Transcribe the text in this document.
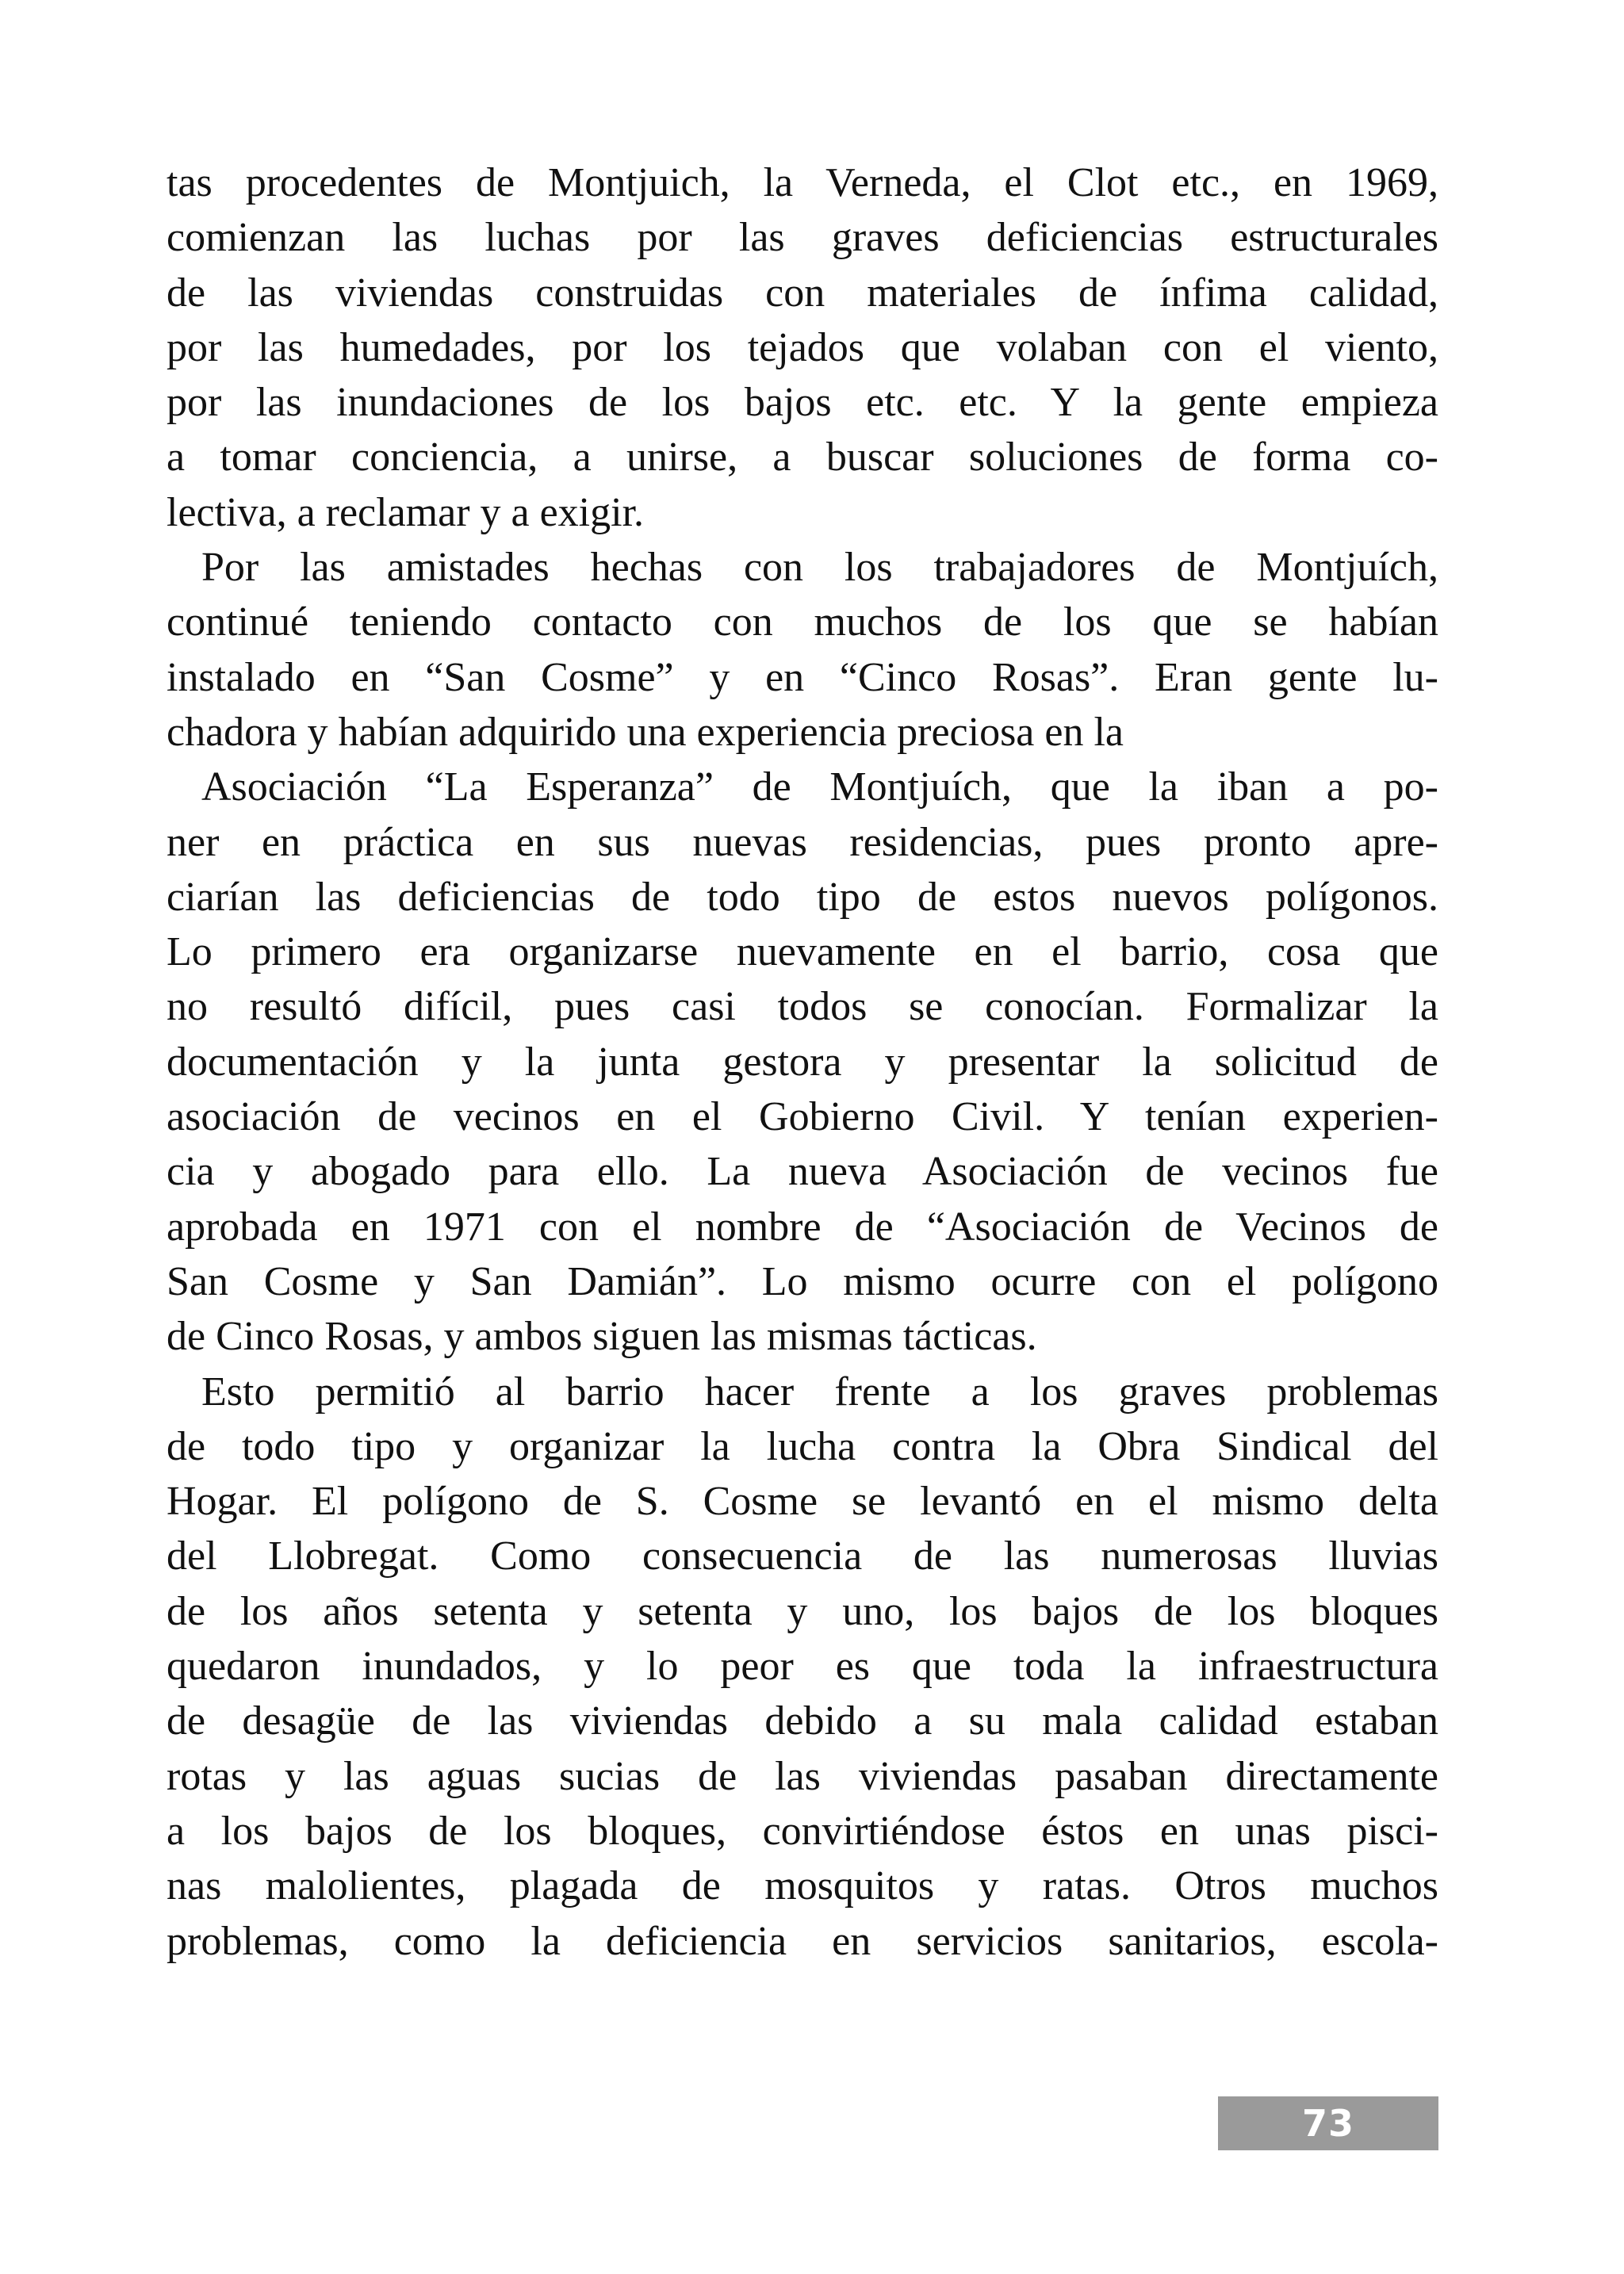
tas procedentes de Montjuich, la Verneda, el Clot etc., en 1969,
comienzan las luchas por las graves deficiencias estructurales
de las viviendas construidas con materiales de ínfima calidad,
por las humedades, por los tejados que volaban con el viento,
por las inundaciones de los bajos etc. etc. Y la gente empieza
a tomar conciencia, a unirse, a buscar soluciones de forma co-
lectiva, a reclamar y a exigir.
Por las amistades hechas con los trabajadores de Montjuích,
continué teniendo contacto con muchos de los que se habían
instalado en “San Cosme” y en “Cinco Rosas”. Eran gente lu-
chadora y habían adquirido una experiencia preciosa en la
Asociación “La Esperanza” de Montjuích, que la iban a po-
ner en práctica en sus nuevas residencias, pues pronto apre-
ciarían las deficiencias de todo tipo de estos nuevos polígonos.
Lo primero era organizarse nuevamente en el barrio, cosa que
no resultó difícil, pues casi todos se conocían. Formalizar la
documentación y la junta gestora y presentar la solicitud de
asociación de vecinos en el Gobierno Civil. Y tenían experien-
cia y abogado para ello. La nueva Asociación de vecinos fue
aprobada en 1971 con el nombre de “Asociación de Vecinos de
San Cosme y San Damián”. Lo mismo ocurre con el polígono
de Cinco Rosas, y ambos siguen las mismas tácticas.
Esto permitió al barrio hacer frente a los graves problemas
de todo tipo y organizar la lucha contra la Obra Sindical del
Hogar. El polígono de S. Cosme se levantó en el mismo delta
del Llobregat. Como consecuencia de las numerosas lluvias
de los años setenta y setenta y uno, los bajos de los bloques
quedaron inundados, y lo peor es que toda la infraestructura
de desagüe de las viviendas debido a su mala calidad estaban
rotas y las aguas sucias de las viviendas pasaban directamente
a los bajos de los bloques, convirtiéndose éstos en unas pisci-
nas malolientes, plagada de mosquitos y ratas. Otros muchos
problemas, como la deficiencia en servicios sanitarios, escola-
73
